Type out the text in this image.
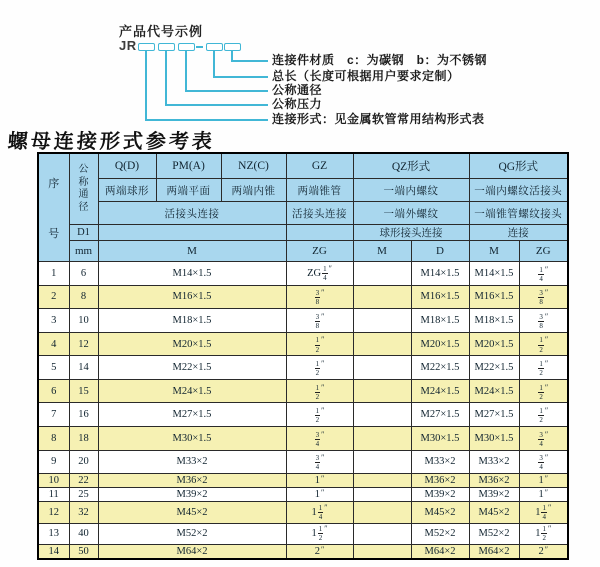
产品代号示例
JR
连接件材质　c：为碳钢　b：为不锈钢
总长（长度可根据用户要求定制）
公称通径
公称压力
连接形式：见金属软管常用结构形式表
螺母连接形式参考表
序
号	公
称
通
径	Q(D)	PM(A)	NZ(C)	GZ	QZ形式		QG形式	
		两端球形	两端平面	两端内锥	两端锥管	一端内螺纹		一端内螺纹活接头	
		活接头连接			活接头连接	一端外螺纹		一端锥管螺纹接头	
	D1					球形接头连接		连接	
	mm	M			ZG	M	D	M	ZG
1	6	M14×1.5			ZG $\frac{1}{4}$ ″		M14×1.5	M14×1.5	$\frac{1}{4}$ ″

2	8	M16×1.5			$\frac{3}{8}$ ″		M16×1.5	M16×1.5	$\frac{3}{8}$ ″

3	10	M18×1.5			$\frac{3}{8}$ ″		M18×1.5	M18×1.5	$\frac{3}{8}$ ″

4	12	M20×1.5			$\frac{1}{2}$ ″		M20×1.5	M20×1.5	$\frac{1}{2}$ ″

5	14	M22×1.5			$\frac{1}{2}$ ″		M22×1.5	M22×1.5	$\frac{1}{2}$ ″

6	15	M24×1.5			$\frac{1}{2}$ ″		M24×1.5	M24×1.5	$\frac{1}{2}$ ″

7	16	M27×1.5			$\frac{1}{2}$ ″		M27×1.5	M27×1.5	$\frac{1}{2}$ ″

8	18	M30×1.5			$\frac{3}{4}$ ″		M30×1.5	M30×1.5	$\frac{3}{4}$ ″

9	20	M33×2			$\frac{3}{4}$ ″		M33×2	M33×2	$\frac{3}{4}$ ″

10	22	M36×2			1 ″		M36×2	M36×2	1 ″

11	25	M39×2			1 ″		M39×2	M39×2	1 ″

12	32	M45×2			$1 \frac{1}{4}$ ″		M45×2	M45×2	$1 \frac{1}{4}$ ″

13	40	M52×2			$1 \frac{1}{2}$ ″		M52×2	M52×2	$1 \frac{1}{2}$ ″

14	50	M64×2			2 ″		M64×2	M64×2	2 ″
